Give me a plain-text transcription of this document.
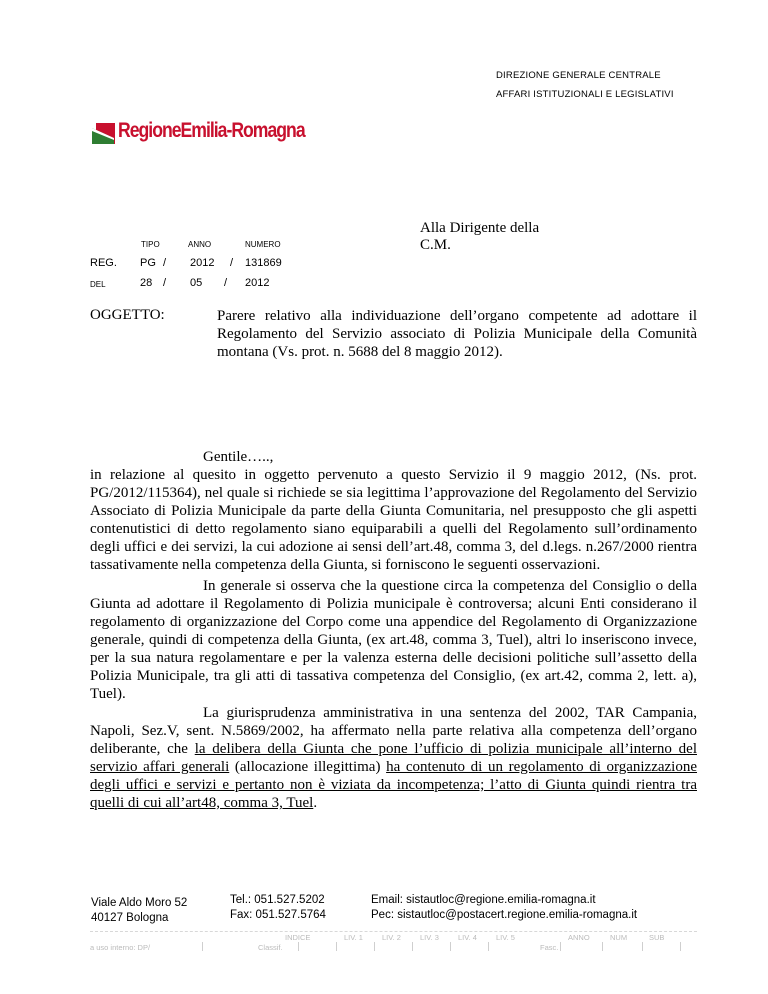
DIREZIONE GENERALE CENTRALE
AFFARI ISTITUZIONALI E LEGISLATIVI
RegioneEmilia-Romagna
Alla Dirigente della
C.M.
TIPO	ANNO	NUMERO
REG. PG / 2012 / 131869
DEL	28 / 05 / 2012
OGGETTO:	Parere relativo alla individuazione dell’organo competente ad adottare il Regolamento del Servizio associato di Polizia Municipale della Comunità montana (Vs. prot. n. 5688 del 8 maggio 2012).
Gentile…..,
in relazione al quesito in oggetto pervenuto a questo Servizio il 9 maggio 2012, (Ns. prot. PG/2012/115364), nel quale si richiede se sia legittima l’approvazione del Regolamento del Servizio Associato di Polizia Municipale da parte della Giunta Comunitaria, nel presupposto che gli aspetti contenutistici di detto regolamento siano equiparabili a quelli del Regolamento sull’ordinamento degli uffici e dei servizi, la cui adozione ai sensi dell’art.48, comma 3, del d.legs. n.267/2000 rientra tassativamente nella competenza della Giunta, si forniscono le seguenti osservazioni.
In generale si osserva che la questione circa la competenza del Consiglio o della Giunta ad adottare il Regolamento di Polizia municipale è controversa; alcuni Enti considerano il regolamento di organizzazione del Corpo come una appendice del Regolamento di Organizzazione generale, quindi di competenza della Giunta, (ex art.48, comma 3, Tuel), altri lo inseriscono invece, per la sua natura regolamentare e per la valenza esterna delle decisioni politiche sull’assetto della Polizia Municipale, tra gli atti di tassativa competenza del Consiglio, (ex art.42, comma 2, lett. a), Tuel).
La giurisprudenza amministrativa in una sentenza del 2002, TAR Campania, Napoli, Sez.V, sent. N.5869/2002, ha affermato nella parte relativa alla competenza dell’organo deliberante, che la delibera della Giunta che pone l’ufficio di polizia municipale all’interno del servizio affari generali (allocazione illegittima) ha contenuto di un regolamento di organizzazione degli uffici e servizi e pertanto non è viziata da incompetenza; l’atto di Giunta quindi rientra tra quelli di cui all’art48, comma 3, Tuel.
Viale Aldo Moro 52
40127 Bologna
Tel.: 051.527.5202
Fax: 051.527.5764
Email: sistautloc@regione.emilia-romagna.it
Pec: sistautloc@postacert.regione.emilia-romagna.it
a uso interno: DP/	Classif.
INDICE	LIV. 1	LIV. 2	LIV. 3	LIV. 4	LIV. 5
Fasc.
ANNO	NUM	SUB
